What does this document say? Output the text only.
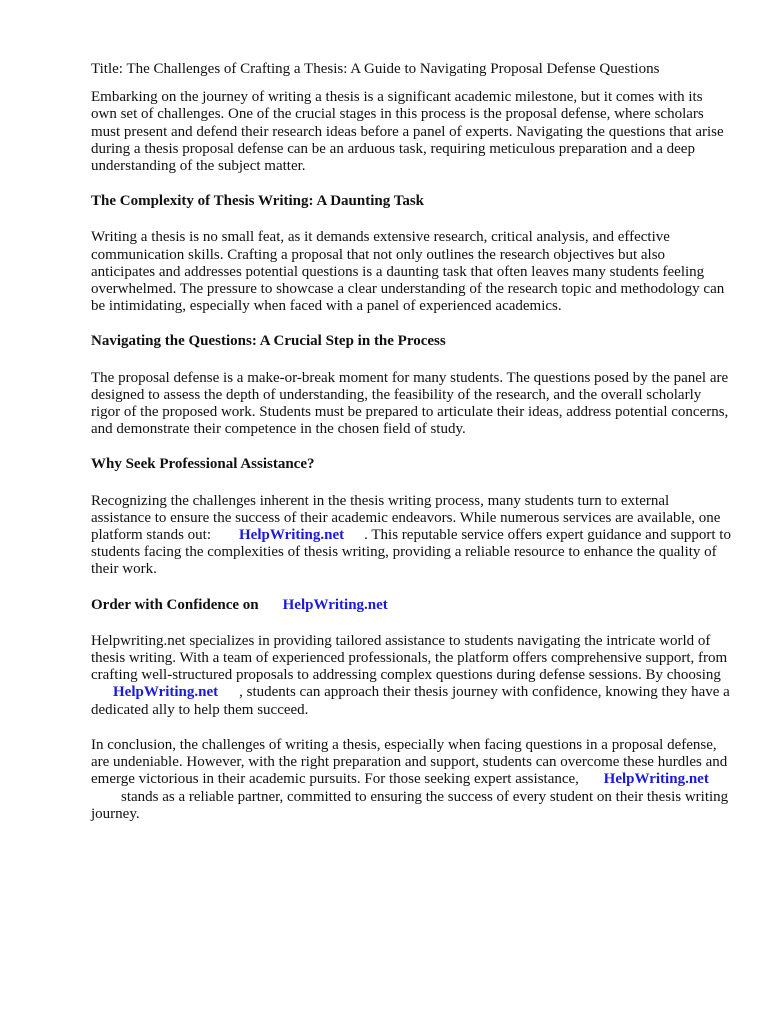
Title: The Challenges of Crafting a Thesis: A Guide to Navigating Proposal Defense Questions

Embarking on the journey of writing a thesis is a significant academic milestone, but it comes with its own set of challenges. One of the crucial stages in this process is the proposal defense, where scholars must present and defend their research ideas before a panel of experts. Navigating the questions that arise during a thesis proposal defense can be an arduous task, requiring meticulous preparation and a deep understanding of the subject matter.

The Complexity of Thesis Writing: A Daunting Task

Writing a thesis is no small feat, as it demands extensive research, critical analysis, and effective communication skills. Crafting a proposal that not only outlines the research objectives but also anticipates and addresses potential questions is a daunting task that often leaves many students feeling overwhelmed. The pressure to showcase a clear understanding of the research topic and methodology can be intimidating, especially when faced with a panel of experienced academics.

Navigating the Questions: A Crucial Step in the Process

The proposal defense is a make-or-break moment for many students. The questions posed by the panel are designed to assess the depth of understanding, the feasibility of the research, and the overall scholarly rigor of the proposed work. Students must be prepared to articulate their ideas, address potential concerns, and demonstrate their competence in the chosen field of study.

Why Seek Professional Assistance?

Recognizing the challenges inherent in the thesis writing process, many students turn to external assistance to ensure the success of their academic endeavors. While numerous services are available, one platform stands out: HelpWriting.net . This reputable service offers expert guidance and support to students facing the complexities of thesis writing, providing a reliable resource to enhance the quality of their work.

Order with Confidence on HelpWriting.net

Helpwriting.net specializes in providing tailored assistance to students navigating the intricate world of thesis writing. With a team of experienced professionals, the platform offers comprehensive support, from crafting well-structured proposals to addressing complex questions during defense sessions. By choosingHelpWriting.net , students can approach their thesis journey with confidence, knowing they have a dedicated ally to help them succeed.

In conclusion, the challenges of writing a thesis, especially when facing questions in a proposal defense, are undeniable. However, with the right preparation and support, students can overcome these hurdles and emerge victorious in their academic pursuits. For those seeking expert assistance, HelpWriting.netstands as a reliable partner, committed to ensuring the success of every student on their thesis writing journey.
